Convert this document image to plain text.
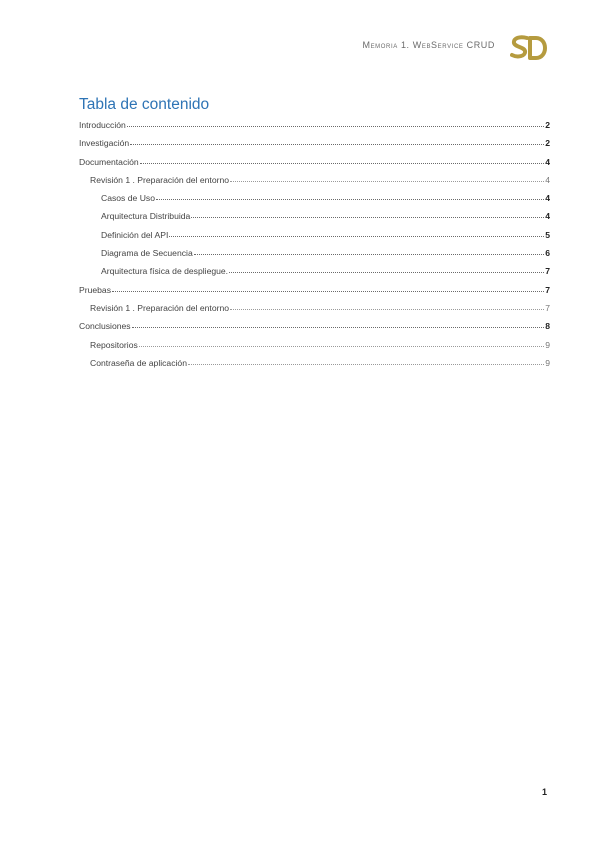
Memoria 1. WebService CRUD
Tabla de contenido
Introducción	2
Investigación	2
Documentación	4
Revisión 1 . Preparación del entorno	4
Casos de Uso	4
Arquitectura Distribuida	4
Definición del API	5
Diagrama de Secuencia	6
Arquitectura física de despliegue.	7
Pruebas	7
Revisión 1 . Preparación del entorno	7
Conclusiones	8
Repositorios	9
Contraseña de aplicación	9
1
